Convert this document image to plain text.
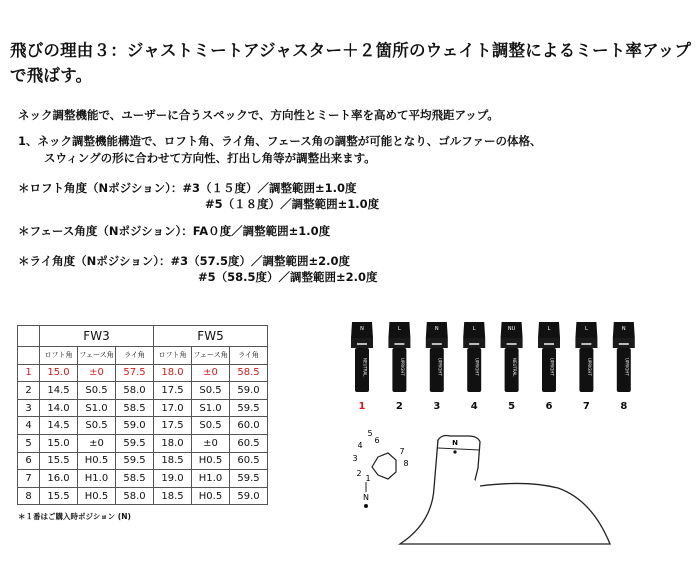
飛びの理由３：ジャストミートアジャスター＋２箇所のウェイト調整によるミート率アップで飛ばす。
ネック調整機能で、ユーザーに合うスペックで、方向性とミート率を高めて平均飛距アップ。
1、ネック調整機能構造で、ロフト角、ライ角、フェース角の調整が可能となり、ゴルファーの体格、
スウィングの形に合わせて方向性、打出し角等が調整出来ます。
＊ロフト角度（Nポジション）：#3（１５度）／調整範囲±1.0度
#5（１８度）／調整範囲±1.0度
＊フェース角度（Nポジション）：FA０度／調整範囲±1.0度
＊ライ角度（Nポジション）：#3（57.5度）／調整範囲±2.0度
#5（58.5度）／調整範囲±2.0度
	FW3			FW5		
	ロフト角	フェース角	ライ角	ロフト角	フェース角	ライ角
1	15.0	±0	57.5	18.0	±0	58.5
2	14.5	S0.5	58.0	17.5	S0.5	59.0
3	14.0	S1.0	58.5	17.0	S1.0	59.5
4	14.5	S0.5	59.0	17.5	S0.5	60.0
5	15.0	±0	59.5	18.0	±0	60.5
6	15.5	H0.5	59.5	18.5	H0.5	60.5
7	16.0	H1.0	58.5	19.0	H1.0	59.5
8	15.5	H0.5	58.0	18.5	H0.5	59.0
＊１番はご購入時ポジション (N)
N
NEUTRAL
L
UPRIGHT
N
UPRIGHT
L
UPRIGHT
NU
NEUTRAL
L
UPRIGHT
L
UPRIGHT
N
UPRIGHT
1	2	3	4	5	6	7	8
5
6
4
7
3
8
2
1
N
N
